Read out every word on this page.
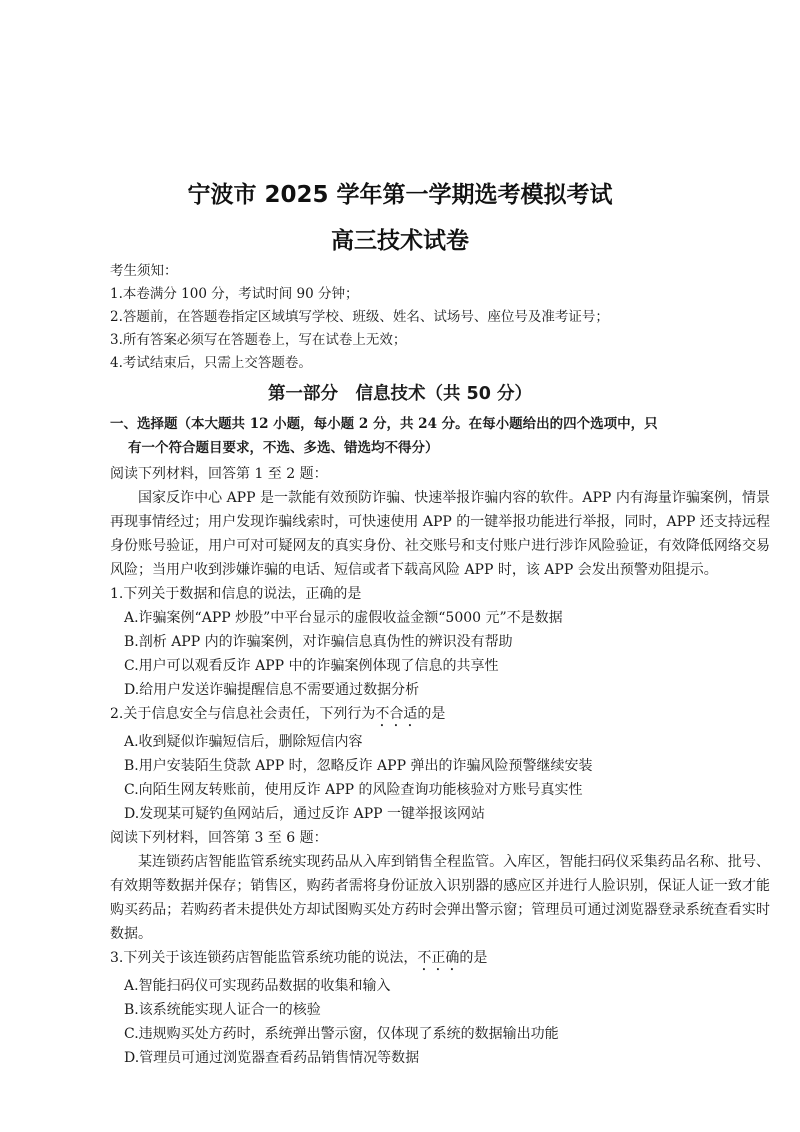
宁波市 2025 学年第一学期选考模拟考试
高三技术试卷
考生须知：
1.本卷满分 100 分，考试时间 90 分钟；
2.答题前，在答题卷指定区域填写学校、班级、姓名、试场号、座位号及准考证号；
3.所有答案必须写在答题卷上，写在试卷上无效；
4.考试结束后，只需上交答题卷。
第一部分　信息技术（共 50 分）
一、选择题（本大题共 12 小题，每小题 2 分，共 24 分。在每小题给出的四个选项中，只
有一个符合题目要求，不选、多选、错选均不得分）
阅读下列材料，回答第 1 至 2 题：
国家反诈中心 APP 是一款能有效预防诈骗、快速举报诈骗内容的软件。APP 内有海量诈骗案例，情景再现事情经过；用户发现诈骗线索时，可快速使用 APP 的一键举报功能进行举报，同时，APP 还支持远程身份账号验证，用户可对可疑网友的真实身份、社交账号和支付账户进行涉诈风险验证，有效降低网络交易风险；当用户收到涉嫌诈骗的电话、短信或者下载高风险 APP 时，该 APP 会发出预警劝阻提示。
1.下列关于数据和信息的说法，正确的是
A.诈骗案例“APP 炒股”中平台显示的虚假收益金额“5000 元”不是数据
B.剖析 APP 内的诈骗案例，对诈骗信息真伪性的辨识没有帮助
C.用户可以观看反诈 APP 中的诈骗案例体现了信息的共享性
D.给用户发送诈骗提醒信息不需要通过数据分析
2.关于信息安全与信息社会责任，下列行为不合适的是
A.收到疑似诈骗短信后，删除短信内容
B.用户安装陌生贷款 APP 时，忽略反诈 APP 弹出的诈骗风险预警继续安装
C.向陌生网友转账前，使用反诈 APP 的风险查询功能核验对方账号真实性
D.发现某可疑钓鱼网站后，通过反诈 APP 一键举报该网站
阅读下列材料，回答第 3 至 6 题：
某连锁药店智能监管系统实现药品从入库到销售全程监管。入库区，智能扫码仪采集药品名称、批号、有效期等数据并保存；销售区，购药者需将身份证放入识别器的感应区并进行人脸识别，保证人证一致才能购买药品；若购药者未提供处方却试图购买处方药时会弹出警示窗；管理员可通过浏览器登录系统查看实时数据。
3.下列关于该连锁药店智能监管系统功能的说法，不正确的是
A.智能扫码仪可实现药品数据的收集和输入
B.该系统能实现人证合一的核验
C.违规购买处方药时，系统弹出警示窗，仅体现了系统的数据输出功能
D.管理员可通过浏览器查看药品销售情况等数据
